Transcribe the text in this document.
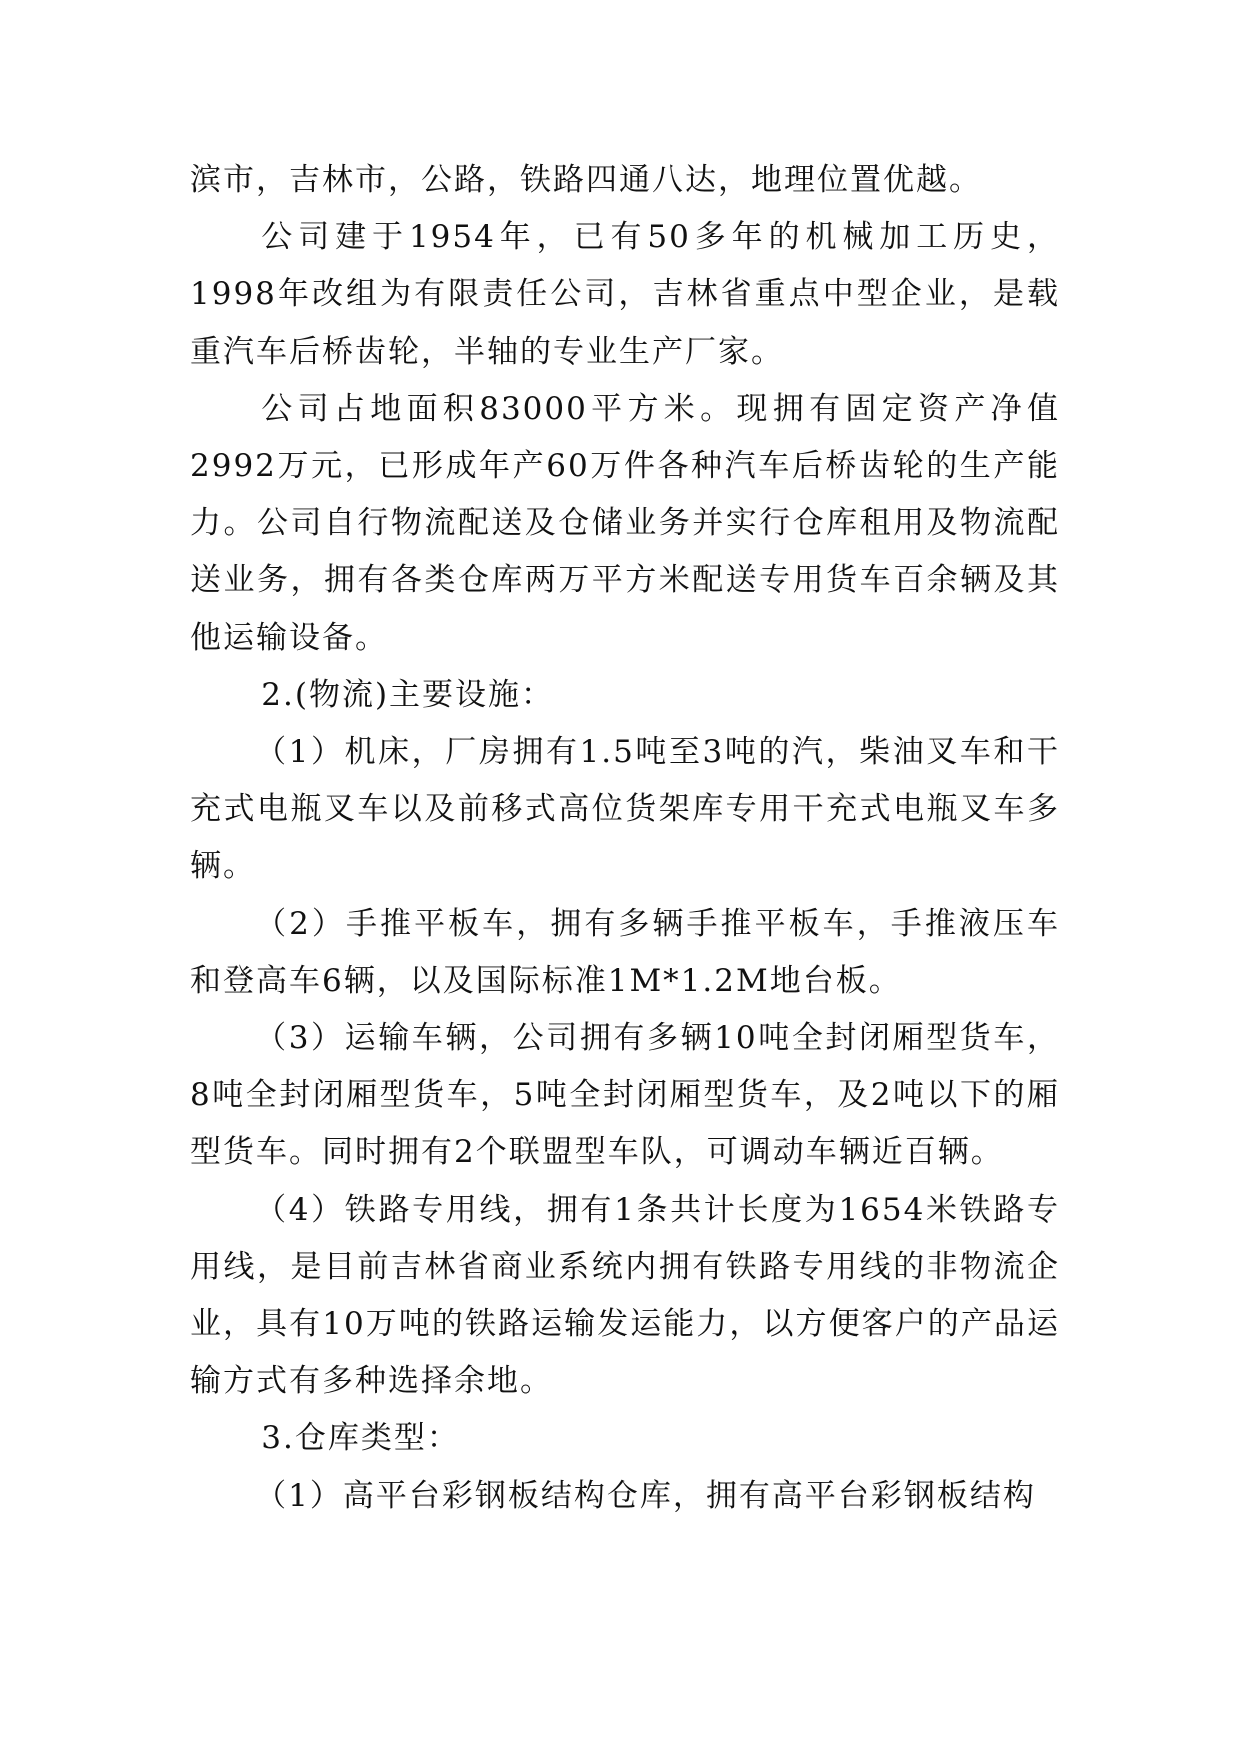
滨市，吉林市，公路，铁路四通八达，地理位置优越。

公司建于1954年，已有50多年的机械加工历史，1998年改组为有限责任公司，吉林省重点中型企业，是载重汽车后桥齿轮，半轴的专业生产厂家。

公司占地面积83000平方米。现拥有固定资产净值2992万元，已形成年产60万件各种汽车后桥齿轮的生产能力。公司自行物流配送及仓储业务并实行仓库租用及物流配送业务，拥有各类仓库两万平方米配送专用货车百余辆及其他运输设备。

2.(物流)主要设施：

（1）机床，厂房拥有1.5吨至3吨的汽，柴油叉车和干充式电瓶叉车以及前移式高位货架库专用干充式电瓶叉车多辆。

（2）手推平板车，拥有多辆手推平板车，手推液压车和登高车6辆，以及国际标准1M*1.2M地台板。

（3）运输车辆，公司拥有多辆10吨全封闭厢型货车，8吨全封闭厢型货车，5吨全封闭厢型货车，及2吨以下的厢型货车。同时拥有2个联盟型车队，可调动车辆近百辆。

（4）铁路专用线，拥有1条共计长度为1654米铁路专用线，是目前吉林省商业系统内拥有铁路专用线的非物流企业，具有10万吨的铁路运输发运能力，以方便客户的产品运输方式有多种选择余地。

3.仓库类型：

（1）高平台彩钢板结构仓库，拥有高平台彩钢板结构
